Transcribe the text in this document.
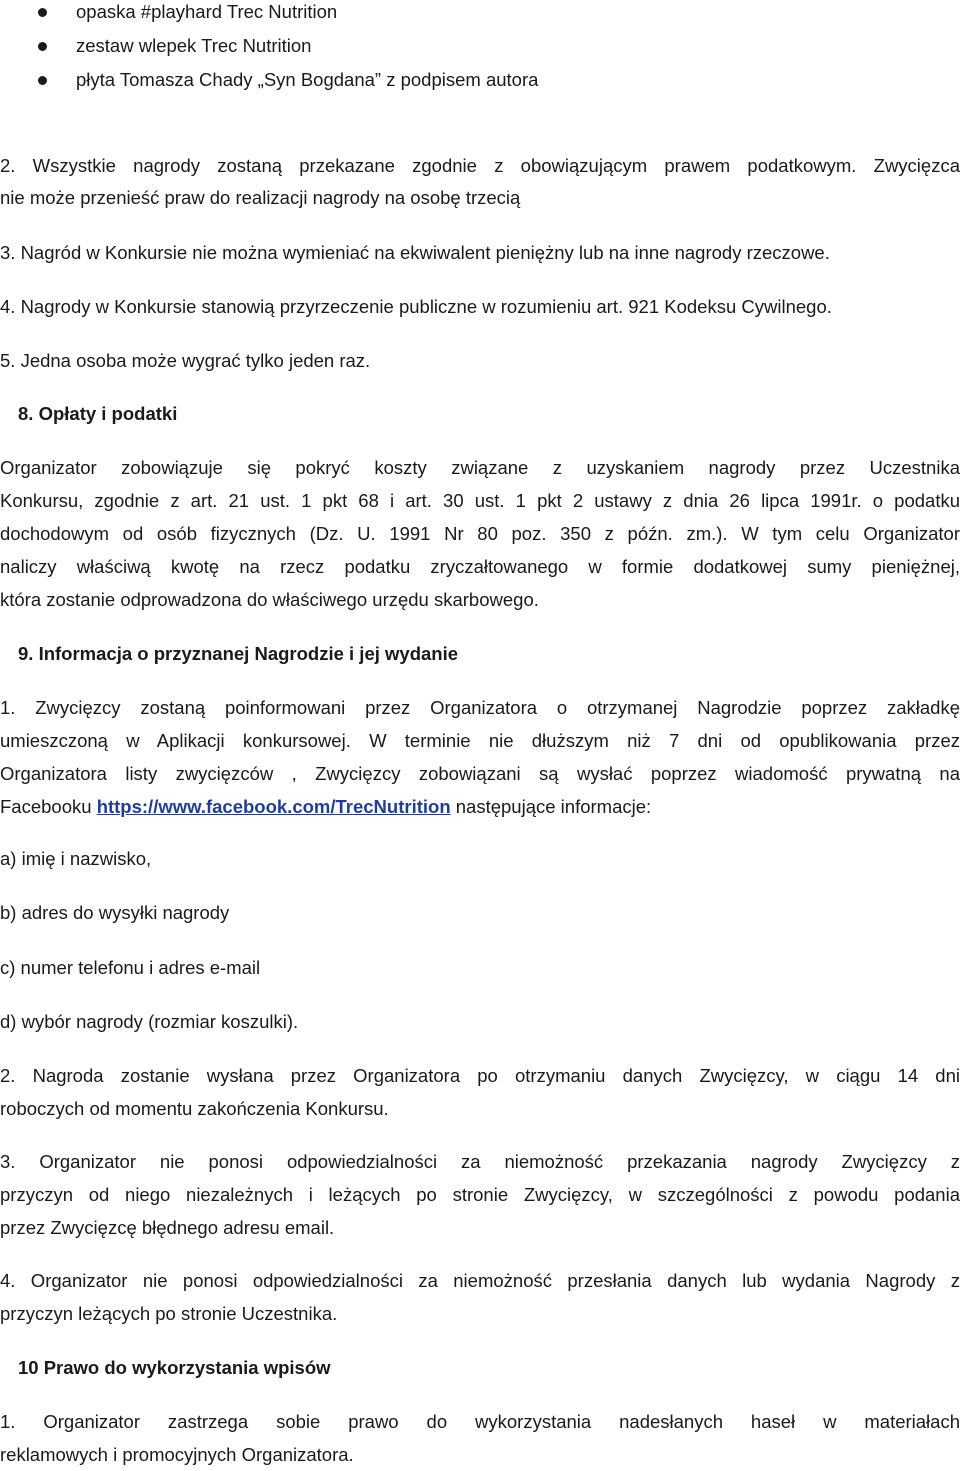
opaska #playhard Trec Nutrition
zestaw wlepek Trec Nutrition
płyta Tomasza Chady „Syn Bogdana” z podpisem autora
2. Wszystkie nagrody zostaną przekazane zgodnie z obowiązującym prawem podatkowym. Zwycięzca
nie może przenieść praw do realizacji nagrody na osobę trzecią
3. Nagród w Konkursie nie można wymieniać na ekwiwalent pieniężny lub na inne nagrody rzeczowe.
4. Nagrody w Konkursie stanowią przyrzeczenie publiczne w rozumieniu art. 921 Kodeksu Cywilnego.
5. Jedna osoba może wygrać tylko jeden raz.
8. Opłaty i podatki
Organizator zobowiązuje się pokryć koszty związane z uzyskaniem nagrody przez Uczestnika
Konkursu, zgodnie z art. 21 ust. 1 pkt 68 i art. 30 ust. 1 pkt 2 ustawy z dnia 26 lipca 1991r. o podatku
dochodowym od osób fizycznych (Dz. U. 1991 Nr 80 poz. 350 z późn. zm.). W tym celu Organizator
naliczy właściwą kwotę na rzecz podatku zryczałtowanego w formie dodatkowej sumy pieniężnej,
która zostanie odprowadzona do właściwego urzędu skarbowego.
9. Informacja o przyznanej Nagrodzie i jej wydanie
1. Zwycięzcy zostaną poinformowani przez Organizatora o otrzymanej Nagrodzie poprzez zakładkę
umieszczoną w Aplikacji konkursowej. W terminie nie dłuższym niż 7 dni od opublikowania przez
Organizatora listy zwycięzców , Zwycięzcy zobowiązani są wysłać poprzez wiadomość prywatną na
Facebooku https://www.facebook.com/TrecNutrition następujące informacje:
a) imię i nazwisko,
b) adres do wysyłki nagrody
c) numer telefonu i adres e-mail
d) wybór nagrody (rozmiar koszulki).
2. Nagroda zostanie wysłana przez Organizatora po otrzymaniu danych Zwycięzcy, w ciągu 14 dni
roboczych od momentu zakończenia Konkursu.
3. Organizator nie ponosi odpowiedzialności za niemożność przekazania nagrody Zwycięzcy z
przyczyn od niego niezależnych i leżących po stronie Zwycięzcy, w szczególności z powodu podania
przez Zwycięzcę błędnego adresu email.
4. Organizator nie ponosi odpowiedzialności za niemożność przesłania danych lub wydania Nagrody z
przyczyn leżących po stronie Uczestnika.
10 Prawo do wykorzystania wpisów
1. Organizator zastrzega sobie prawo do wykorzystania nadesłanych haseł w materiałach
reklamowych i promocyjnych Organizatora.
